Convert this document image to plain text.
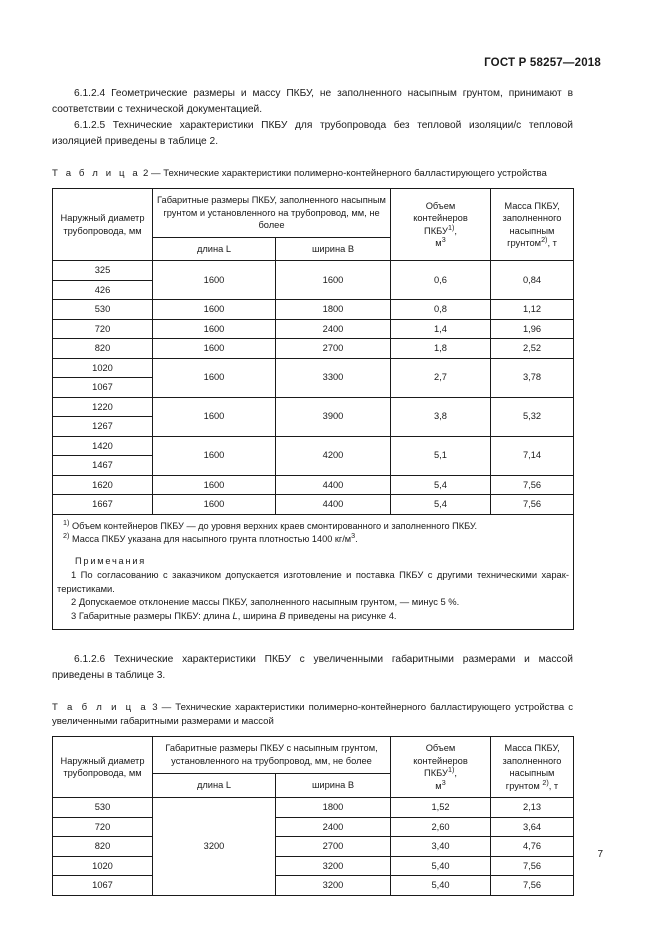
ГОСТ Р 58257—2018

6.1.2.4 Геометрические размеры и массу ПКБУ, не заполненного насыпным грунтом, принимают в соответствии с технической документацией.

6.1.2.5 Технические характеристики ПКБУ для трубопровода без тепловой изоляции/с тепловой изоляцией приведены в таблице 2.

Т а б л и ц а 2 — Технические характеристики полимерно-контейнерного балластирующего устройства
Наружный диаметр трубопровода, мм	Габаритные размеры ПКБУ, заполненного насыпным грунтом и установленного на трубопровод, мм, не более		Объем
контейнеров
ПКБУ$^{1)}$,
$м^3$	Масса ПКБУ,
заполненного
насыпным
грунтом$^{2)}$, т
	длина L	ширина B		
325	1600	1600	0,6	0,84
426				
530	1600	1800	0,8	1,12
720	1600	2400	1,4	1,96
820	1600	2700	1,8	2,52
1020	1600	3300	2,7	3,78
1067				
1220	1600	3900	3,8	5,32
1267				
1420	1600	4200	5,1	7,14
1467				
1620	1600	4400	5,4	7,56
1667	1600	4400	5,4	7,56

$^{1)}$ Объем контейнеров ПКБУ — до уровня верхних краев смонтированного и заполненного ПКБУ.
$^{2)}$ Масса ПКБУ указана для насыпного грунта плотностью 1400 $кг/м^3$.
Примечания
1 По согласованию с заказчиком допускается изготовление и поставка ПКБУ с другими техническими харак-теристиками.
2 Допускаемое отклонение массы ПКБУ, заполненного насыпным грунтом, — минус 5 %.
3 Габаритные размеры ПКБУ: длина L, ширина B приведены на рисунке 4.

6.1.2.6 Технические характеристики ПКБУ с увеличенными габаритными размерами и массой приведены в таблице 3.

Т а б л и ц а 3 — Технические характеристики полимерно-контейнерного балластирующего устройства с увеличенными габаритными размерами и массой
Наружный диаметр трубопровода, мм	Габаритные размеры ПКБУ с насыпным грунтом, установленного на трубопровод, мм, не более		Объем
контейнеров
ПКБУ$^{1)}$,
$м^3$	Масса ПКБУ,
заполненного
насыпным грунтом $^{2)}$, т
	длина L	ширина B		
530	3200	1800	1,52	2,13
720		2400	2,60	3,64
820		2700	3,40	4,76
1020		3200	5,40	7,56
1067		3200	5,40	7,56
7
